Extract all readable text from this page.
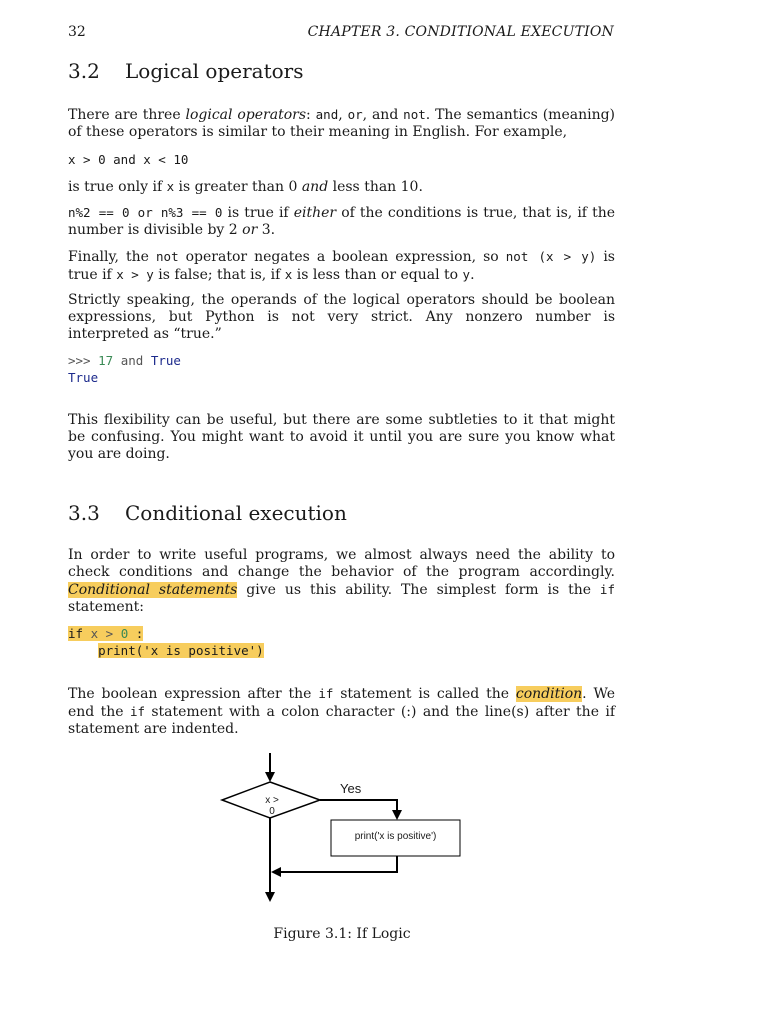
32	CHAPTER 3. CONDITIONAL EXECUTION
3.2 Logical operators
There are three logical operators: and, or, and not. The semantics (meaning) of these operators is similar to their meaning in English. For example,
x > 0 and x < 10
is true only if x is greater than 0 and less than 10.
n%2 == 0 or n%3 == 0 is true if either of the conditions is true, that is, if the number is divisible by 2 or 3.
Finally, the not operator negates a boolean expression, so not (x > y) is true if x > y is false; that is, if x is less than or equal to y.
Strictly speaking, the operands of the logical operators should be boolean expressions, but Python is not very strict. Any nonzero number is interpreted as “true.”
>>> 17 and True
True
This flexibility can be useful, but there are some subtleties to it that might be confusing. You might want to avoid it until you are sure you know what you are doing.
3.3 Conditional execution
In order to write useful programs, we almost always need the ability to check conditions and change the behavior of the program accordingly. Conditional statements give us this ability. The simplest form is the if statement:
if x > 0 :
print('x is positive')
The boolean expression after the if statement is called the condition. We end the if statement with a colon character (:) and the line(s) after the if statement are indented.
x > 0
Yes
print('x is positive')
Figure 3.1: If Logic
